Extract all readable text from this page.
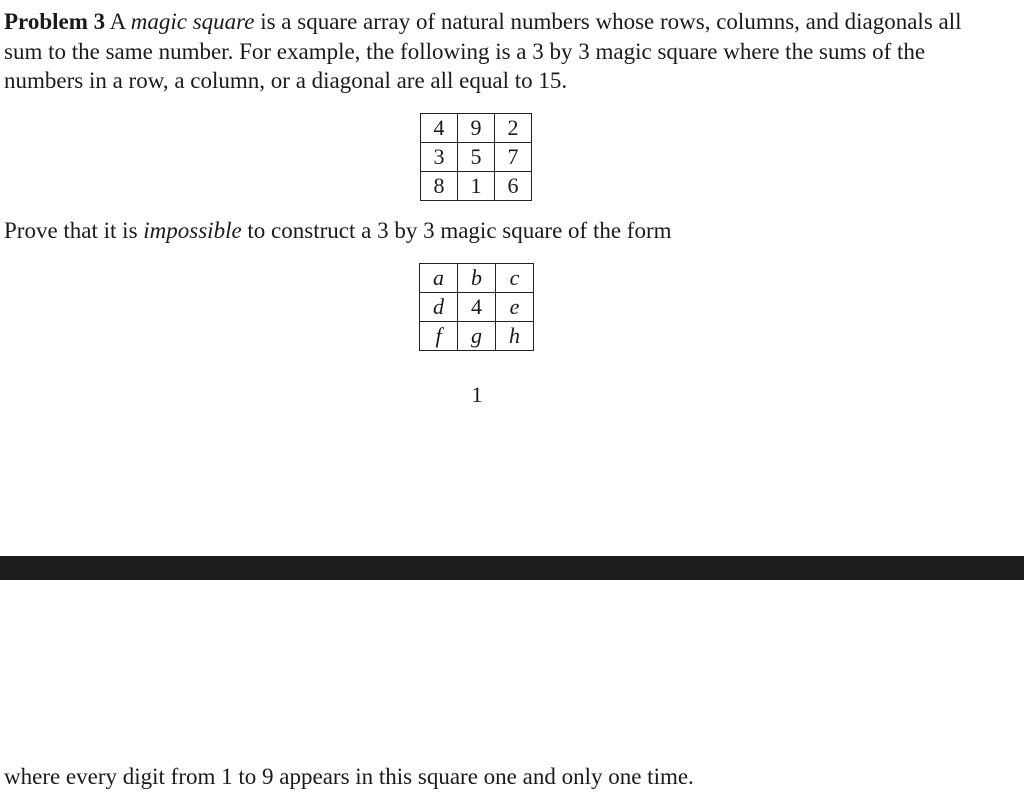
Problem 3 A magic square is a square array of natural numbers whose rows, columns, and diagonals all sum to the same number. For example, the following is a 3 by 3 magic square where the sums of the numbers in a row, a column, or a diagonal are all equal to 15.

4	9	2
3	5	7
8	1	6

Prove that it is impossible to construct a 3 by 3 magic square of the form

a	b	c
d	4	e
f	g	h
1

where every digit from 1 to 9 appears in this square one and only one time.
